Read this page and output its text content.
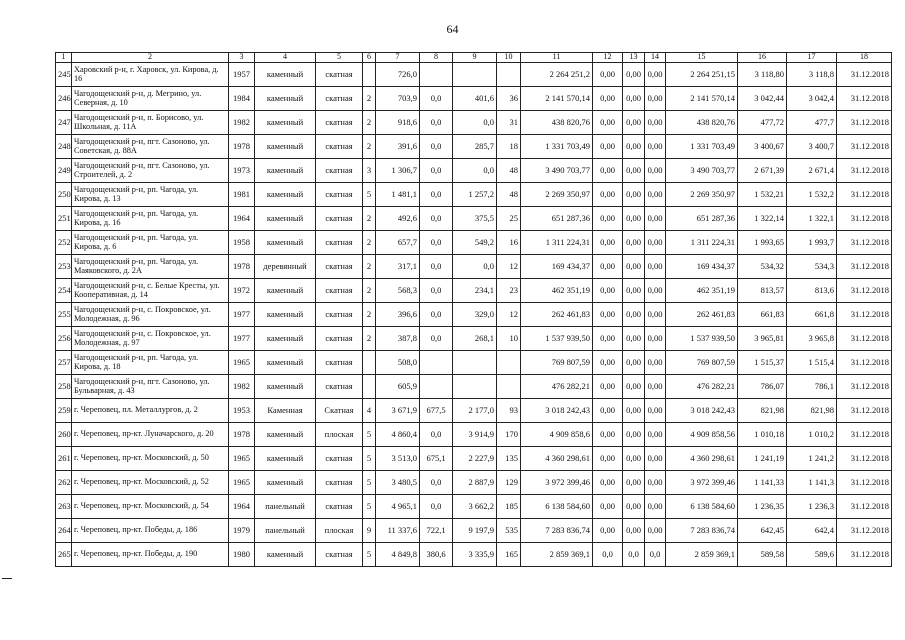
64
1	2	3	4	5	6	7	8	9	10	11	12	13	14	15	16	17	18
245	Харовский р-н, г. Харовск, ул. Кирова, д. 16	1957	каменный	скатная		726,0				2 264 251,2	0,00	0,00	0,00	2 264 251,15	3 118,80	3 118,8	31.12.2018
246	Чагодощенский р-н, д. Мегрино, ул. Северная, д. 10	1984	каменный	скатная	2	703,9	0,0	401,6	36	2 141 570,14	0,00	0,00	0,00	2 141 570,14	3 042,44	3 042,4	31.12.2018
247	Чагодощенский р-н, п. Борисово, ул. Школьная, д. 11А	1982	каменный	скатная	2	918,6	0,0	0,0	31	438 820,76	0,00	0,00	0,00	438 820,76	477,72	477,7	31.12.2018
248	Чагодощенский р-н, пгт. Сазоново, ул. Советская, д. 88А	1978	каменный	скатная	2	391,6	0,0	285,7	18	1 331 703,49	0,00	0,00	0,00	1 331 703,49	3 400,67	3 400,7	31.12.2018
249	Чагодощенский р-н, пгт. Сазоново, ул. Строителей, д. 2	1973	каменный	скатная	3	1 306,7	0,0	0,0	48	3 490 703,77	0,00	0,00	0,00	3 490 703,77	2 671,39	2 671,4	31.12.2018
250	Чагодощенский р-н, рп. Чагода, ул. Кирова, д. 13	1981	каменный	скатная	5	1 481,1	0,0	1 257,2	48	2 269 350,97	0,00	0,00	0,00	2 269 350,97	1 532,21	1 532,2	31.12.2018
251	Чагодощенский р-н, рп. Чагода, ул. Кирова, д. 16	1964	каменный	скатная	2	492,6	0,0	375,5	25	651 287,36	0,00	0,00	0,00	651 287,36	1 322,14	1 322,1	31.12.2018
252	Чагодощенский р-н, рп. Чагода, ул. Кирова, д. 6	1958	каменный	скатная	2	657,7	0,0	549,2	16	1 311 224,31	0,00	0,00	0,00	1 311 224,31	1 993,65	1 993,7	31.12.2018
253	Чагодощенский р-н, рп. Чагода, ул. Маяковского, д. 2А	1978	деревянный	скатная	2	317,1	0,0	0,0	12	169 434,37	0,00	0,00	0,00	169 434,37	534,32	534,3	31.12.2018
254	Чагодощенский р-н, с. Белые Кресты, ул. Кооперативная, д. 14	1972	каменный	скатная	2	568,3	0,0	234,1	23	462 351,19	0,00	0,00	0,00	462 351,19	813,57	813,6	31.12.2018
255	Чагодощенский р-н, с. Покровское, ул. Молодежная, д. 96	1977	каменный	скатная	2	396,6	0,0	329,0	12	262 461,83	0,00	0,00	0,00	262 461,83	661,83	661,8	31.12.2018
256	Чагодощенский р-н, с. Покровское, ул. Молодежная, д. 97	1977	каменный	скатная	2	387,8	0,0	268,1	10	1 537 939,50	0,00	0,00	0,00	1 537 939,50	3 965,81	3 965,8	31.12.2018
257	Чагодощенский р-н, рп. Чагода, ул. Кирова, д. 18	1965	каменный	скатная		508,0				769 807,59	0,00	0,00	0,00	769 807,59	1 515,37	1 515,4	31.12.2018
258	Чагодощенский р-н, пгт. Сазоново, ул. Бульварная, д. 43	1982	каменный	скатная		605,9				476 282,21	0,00	0,00	0,00	476 282,21	786,07	786,1	31.12.2018
259	г. Череповец, пл. Металлургов, д. 2	1953	Каменная	Скатная	4	3 671,9	677,5	2 177,0	93	3 018 242,43	0,00	0,00	0,00	3 018 242,43	821,98	821,98	31.12.2018
260	г. Череповец, пр-кт. Луначарского, д. 20	1978	каменный	плоская	5	4 860,4	0,0	3 914,9	170	4 909 858,6	0,00	0,00	0,00	4 909 858,56	1 010,18	1 010,2	31.12.2018
261	г. Череповец, пр-кт. Московский, д. 50	1965	каменный	скатная	5	3 513,0	675,1	2 227,9	135	4 360 298,61	0,00	0,00	0,00	4 360 298,61	1 241,19	1 241,2	31.12.2018
262	г. Череповец, пр-кт. Московский, д. 52	1965	каменный	скатная	5	3 480,5	0,0	2 887,9	129	3 972 399,46	0,00	0,00	0,00	3 972 399,46	1 141,33	1 141,3	31.12.2018
263	г. Череповец, пр-кт. Московский, д. 54	1964	панельный	скатная	5	4 965,1	0,0	3 662,2	185	6 138 584,60	0,00	0,00	0,00	6 138 584,60	1 236,35	1 236,3	31.12.2018
264	г. Череповец, пр-кт. Победы, д. 186	1979	панельный	плоская	9	11 337,6	722,1	9 197,9	535	7 283 836,74	0,00	0,00	0,00	7 283 836,74	642,45	642,4	31.12.2018
265	г. Череповец, пр-кт. Победы, д. 190	1980	каменный	скатная	5	4 849,8	380,6	3 335,9	165	2 859 369,1	0,0	0,0	0,0	2 859 369,1	589,58	589,6	31.12.2018
